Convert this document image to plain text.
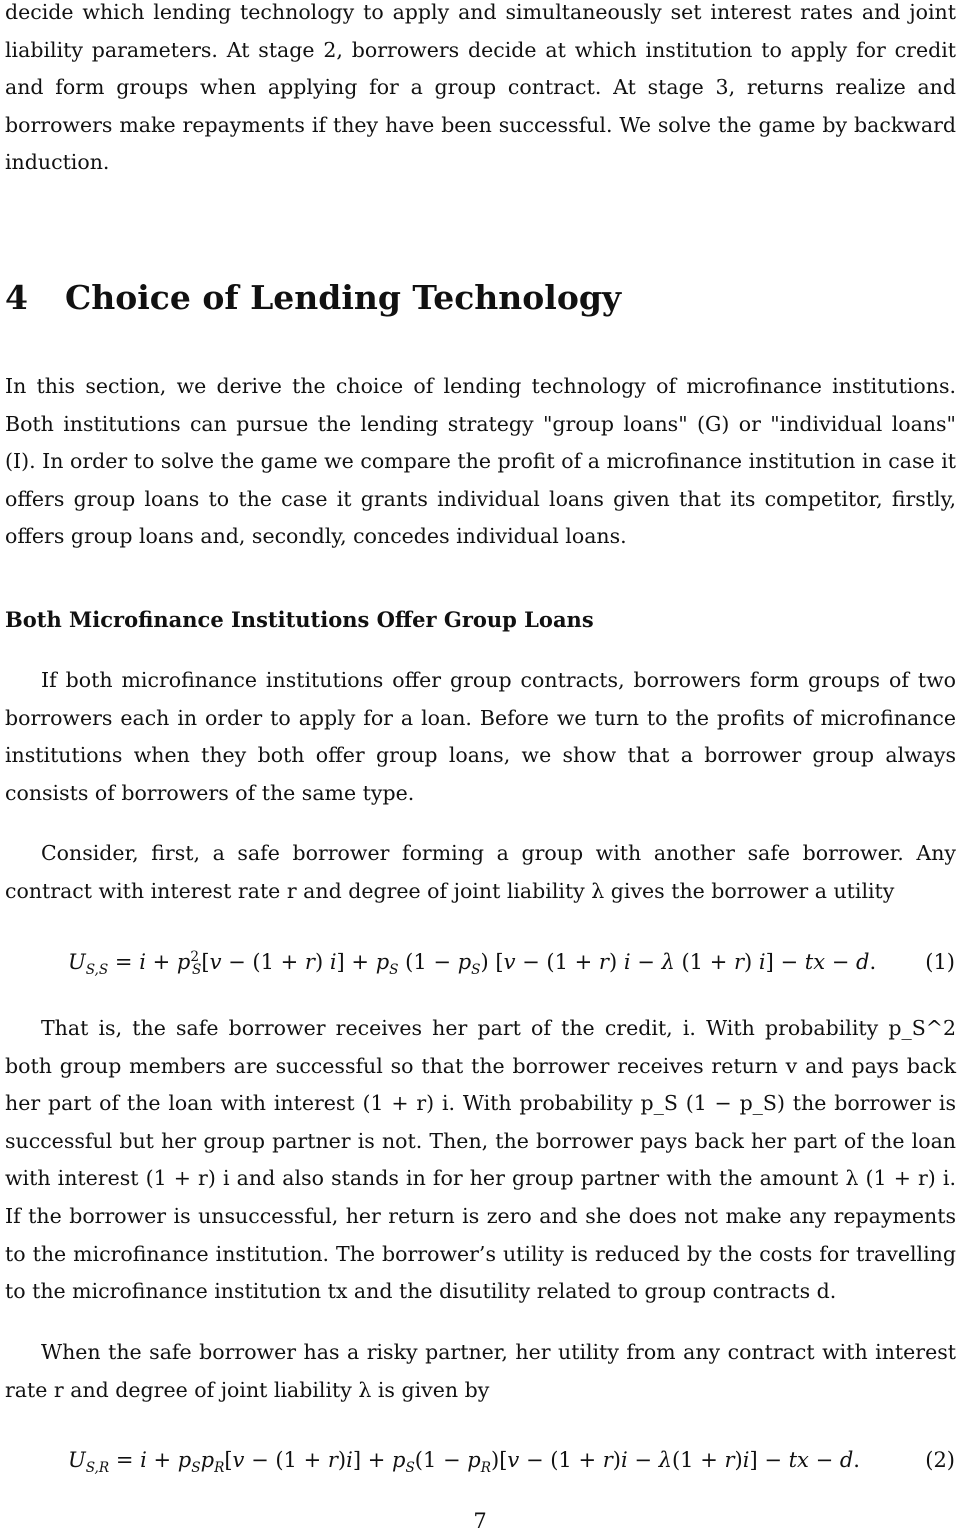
decide which lending technology to apply and simultaneously set interest rates and joint liability parameters. At stage 2, borrowers decide at which institution to apply for credit and form groups when applying for a group contract. At stage 3, returns realize and borrowers make repayments if they have been successful. We solve the game by backward induction.

4 Choice of Lending Technology

In this section, we derive the choice of lending technology of microfinance institutions. Both institutions can pursue the lending strategy "group loans" (G) or "individual loans" (I). In order to solve the game we compare the profit of a microfinance institution in case it offers group loans to the case it grants individual loans given that its competitor, firstly, offers group loans and, secondly, concedes individual loans.

Both Microfinance Institutions Offer Group Loans

If both microfinance institutions offer group contracts, borrowers form groups of two borrowers each in order to apply for a loan. Before we turn to the profits of microfinance institutions when they both offer group loans, we show that a borrower group always consists of borrowers of the same type.

Consider, first, a safe borrower forming a group with another safe borrower. Any contract with interest rate r and degree of joint liability λ gives the borrower a utility

$U_{S,S} = i + p^2_S[v - (1 + r) i] + p_S$ $(1 - p_S)$ [v − (1 + r) i − λ (1 + r) i] − tx − d. (1)

That is, the safe borrower receives her part of the credit, i. With probability p_S^2 both group members are successful so that the borrower receives return v and pays back her part of the loan with interest (1 + r) i. With probability p_S (1 − p_S) the borrower is successful but her group partner is not. Then, the borrower pays back her part of the loan with interest (1 + r) i and also stands in for her group partner with the amount λ (1 + r) i. If the borrower is unsuccessful, her return is zero and she does not make any repayments to the microfinance institution. The borrower’s utility is reduced by the costs for travelling to the microfinance institution tx and the disutility related to group contracts d.

When the safe borrower has a risky partner, her utility from any contract with interest rate r and degree of joint liability λ is given by

$U_{S,R} = i + p_Sp_R[v - (1 + r)i] + p_S(1 - p_R)[v - (1 + r)i - \lambda(1 + r)i]$ − tx − d.	(2)
7
